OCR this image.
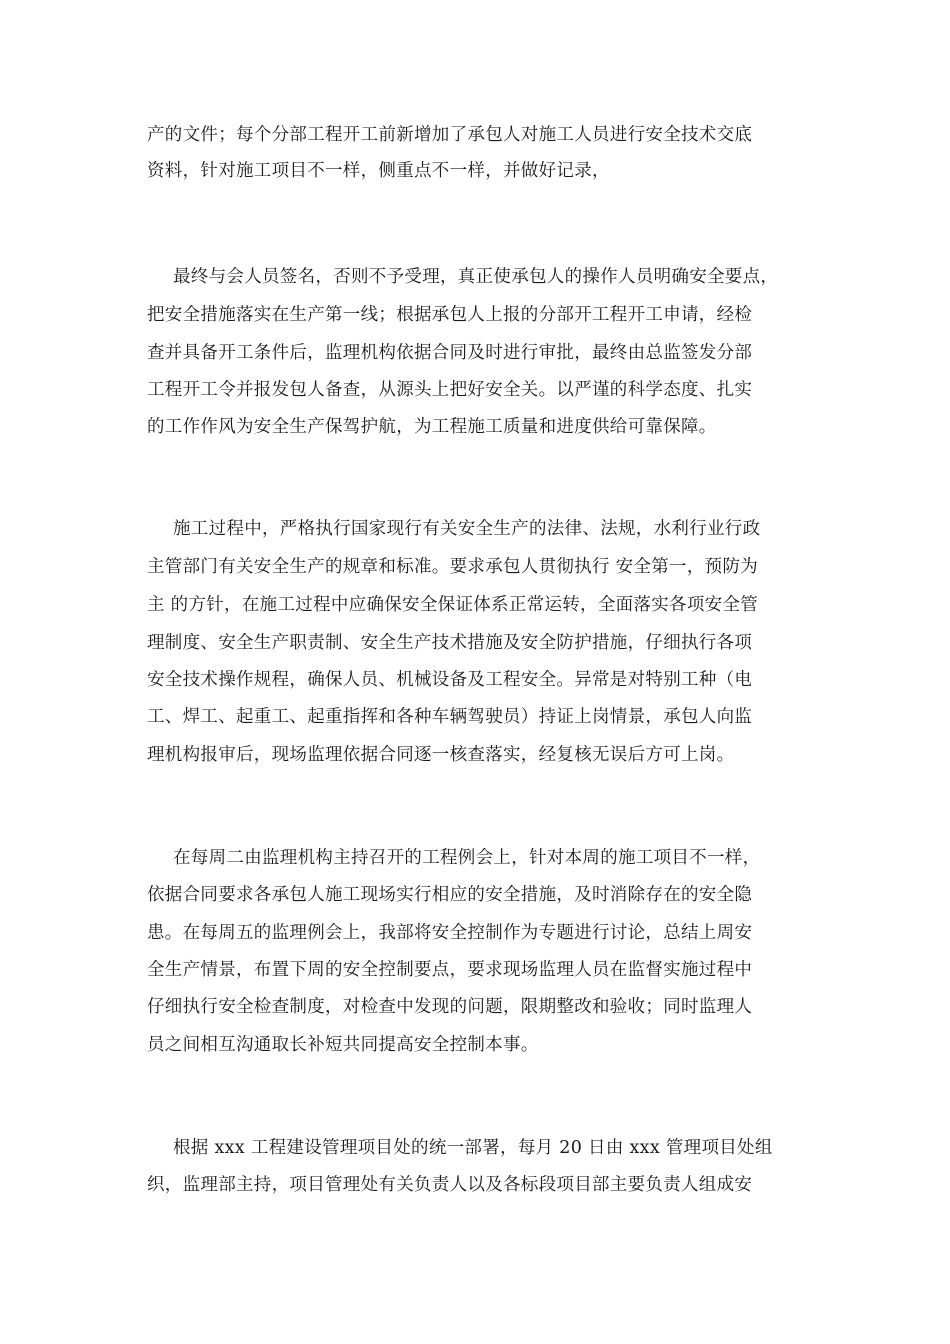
产的文件；每个分部工程开工前新增加了承包人对施工人员进行安全技术交底
资料，针对施工项目不一样，侧重点不一样，并做好记录，
最终与会人员签名，否则不予受理，真正使承包人的操作人员明确安全要点，
把安全措施落实在生产第一线；根据承包人上报的分部开工程开工申请，经检
查并具备开工条件后，监理机构依据合同及时进行审批，最终由总监签发分部
工程开工令并报发包人备查，从源头上把好安全关。以严谨的科学态度、扎实
的工作作风为安全生产保驾护航，为工程施工质量和进度供给可靠保障。
施工过程中，严格执行国家现行有关安全生产的法律、法规，水利行业行政
主管部门有关安全生产的规章和标准。要求承包人贯彻执行 安全第一，预防为
主 的方针，在施工过程中应确保安全保证体系正常运转，全面落实各项安全管
理制度、安全生产职责制、安全生产技术措施及安全防护措施，仔细执行各项
安全技术操作规程，确保人员、机械设备及工程安全。异常是对特别工种（电
工、焊工、起重工、起重指挥和各种车辆驾驶员）持证上岗情景，承包人向监
理机构报审后，现场监理依据合同逐一核查落实，经复核无误后方可上岗。
在每周二由监理机构主持召开的工程例会上，针对本周的施工项目不一样，
依据合同要求各承包人施工现场实行相应的安全措施，及时消除存在的安全隐
患。在每周五的监理例会上，我部将安全控制作为专题进行讨论，总结上周安
全生产情景，布置下周的安全控制要点，要求现场监理人员在监督实施过程中
仔细执行安全检查制度，对检查中发现的问题，限期整改和验收；同时监理人
员之间相互沟通取长补短共同提高安全控制本事。
根据 xxx 工程建设管理项目处的统一部署，每月 20 日由 xxx 管理项目处组
织，监理部主持，项目管理处有关负责人以及各标段项目部主要负责人组成安
